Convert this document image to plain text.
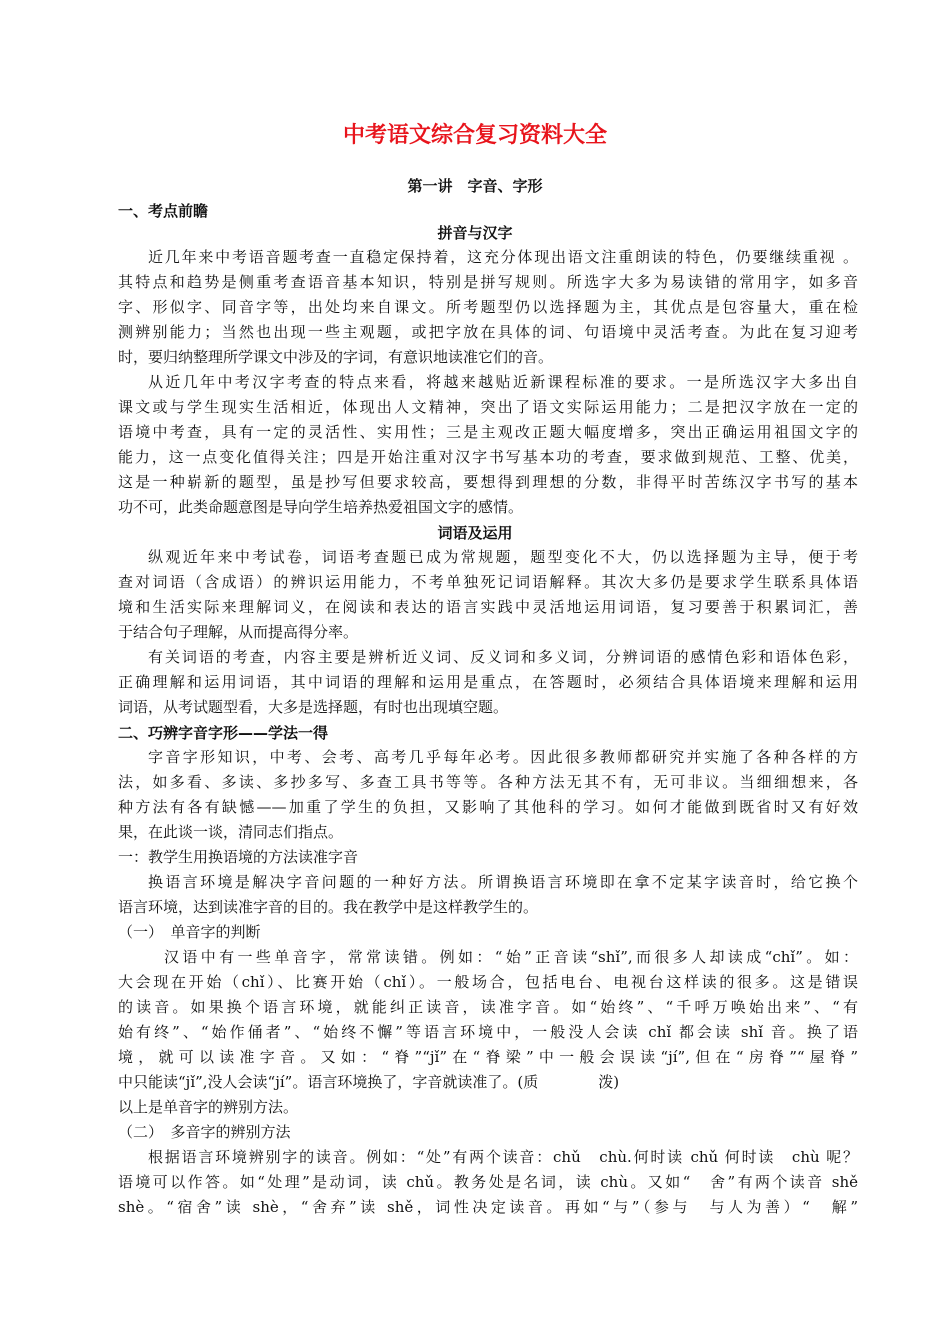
中考语文综合复习资料大全
第一讲　字音、字形
一、考点前瞻
拼音与汉字
近几年来中考语音题考查一直稳定保持着，这充分体现出语文注重朗读的特色，仍要继续重视 。
其特点和趋势是侧重考查语音基本知识，特别是拼写规则。所选字大多为易读错的常用字，如多音
字、形似字、同音字等，出处均来自课文。所考题型仍以选择题为主，其优点是包容量大，重在检
测辨别能力；当然也出现一些主观题，或把字放在具体的词、句语境中灵活考查。为此在复习迎考
时，要归纳整理所学课文中涉及的字词，有意识地读准它们的音。
从近几年中考汉字考查的特点来看，将越来越贴近新课程标准的要求。一是所选汉字大多出自
课文或与学生现实生活相近，体现出人文精神，突出了语文实际运用能力；二是把汉字放在一定的
语境中考查，具有一定的灵活性、实用性；三是主观改正题大幅度增多，突出正确运用祖国文字的
能力，这一点变化值得关注；四是开始注重对汉字书写基本功的考查，要求做到规范、工整、优美，
这是一种崭新的题型，虽是抄写但要求较高，要想得到理想的分数，非得平时苦练汉字书写的基本
功不可，此类命题意图是导向学生培养热爱祖国文字的感情。
词语及运用
纵观近年来中考试卷，词语考查题已成为常规题，题型变化不大，仍以选择题为主导，便于考
查对词语（含成语）的辨识运用能力，不考单独死记词语解释。其次大多仍是要求学生联系具体语
境和生活实际来理解词义，在阅读和表达的语言实践中灵活地运用词语，复习要善于积累词汇，善
于结合句子理解，从而提高得分率。
有关词语的考查，内容主要是辨析近义词、反义词和多义词，分辨词语的感情色彩和语体色彩，
正确理解和运用词语，其中词语的理解和运用是重点，在答题时，必须结合具体语境来理解和运用
词语，从考试题型看，大多是选择题，有时也出现填空题。
二、巧辨字音字形——学法一得
字音字形知识，中考、会考、高考几乎每年必考。因此很多教师都研究并实施了各种各样的方
法，如多看、多读、多抄多写、多查工具书等等。各种方法无其不有，无可非议。当细细想来，各
种方法有各有缺憾——加重了学生的负担，又影响了其他科的学习。如何才能做到既省时又有好效
果，在此谈一谈，清同志们指点。
一：教学生用换语境的方法读准字音
换语言环境是解决字音问题的一种好方法。所谓换语言环境即在拿不定某字读音时，给它换个
语言环境，达到读准字音的目的。我在教学中是这样教学生的。
（一）　单音字的判断
汉语中有一些单音字，常常读错。例如：“始”正音读“shǐ”,而很多人却读成“chǐ”。如：
大会现在开始（chǐ）、比赛开始（chǐ）。一般场合，包括电台、电视台这样读的很多。这是错误
的读音。如果换个语言环境，就能纠正读音，读准字音。如“始终”、“千呼万唤始出来”、“有
始有终”、“始作俑者”、“始终不懈”等语言环境中，一般没人会读 chǐ 都会读 shǐ 音。换了语
境，就可以读准字音。又如：“脊”“jǐ”在“脊梁”中一般会误读“jí”,但在“房脊”“屋脊”
中只能读“jǐ”,没人会读“jí”。语言环境换了，字音就读准了。(质　　　　泼)
以上是单音字的辨别方法。
（二）　多音字的辨别方法
根据语言环境辨别字的读音。例如：“处”有两个读音：chǔ　chù.何时读 chǔ 何时读　chù 呢？
语境可以作答。如“处理”是动词，读 chǔ。教务处是名词，读 chù。又如“　舍”有两个读音 shě
shè。“宿舍”读 shè，“舍弃”读 shě，词性决定读音。再如“与”（参与　与人为善）“　解”
